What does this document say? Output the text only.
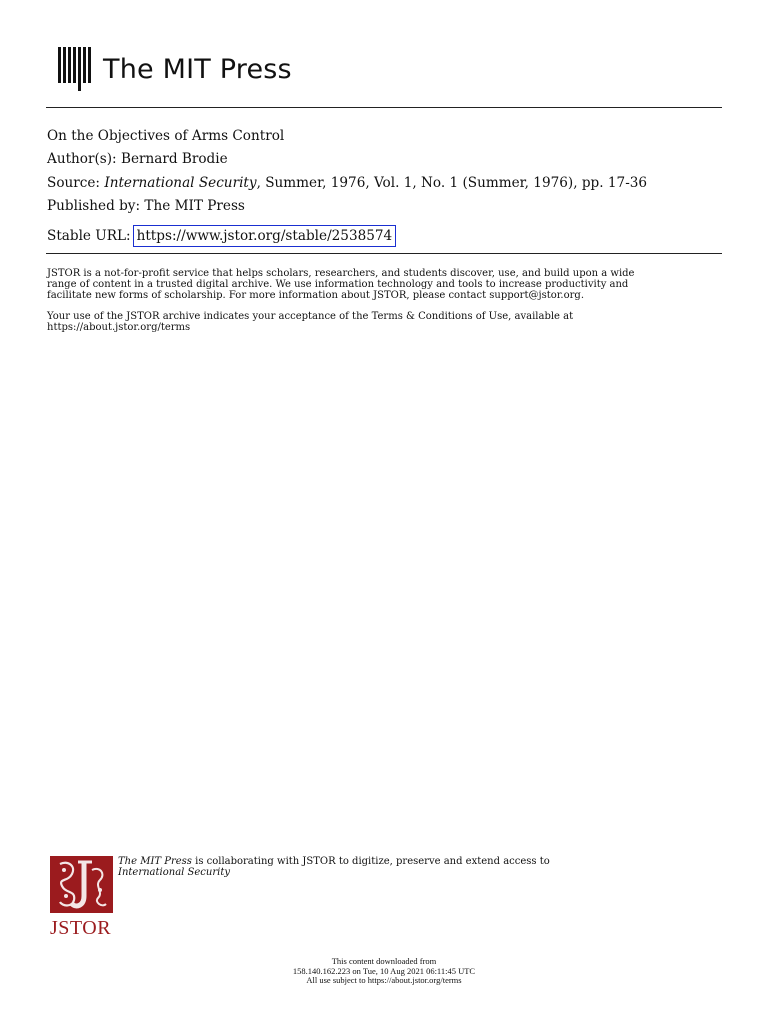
The MIT Press
On the Objectives of Arms Control
Author(s): Bernard Brodie
Source: International Security, Summer, 1976, Vol. 1, No. 1 (Summer, 1976), pp. 17-36
Published by: The MIT Press
Stable URL: https://www.jstor.org/stable/2538574
JSTOR is a not-for-profit service that helps scholars, researchers, and students discover, use, and build upon a wide
range of content in a trusted digital archive. We use information technology and tools to increase productivity and
facilitate new forms of scholarship. For more information about JSTOR, please contact support@jstor.org.
Your use of the JSTOR archive indicates your acceptance of the Terms & Conditions of Use, available at
https://about.jstor.org/terms
JSTOR
The MIT Press is collaborating with JSTOR to digitize, preserve and extend access to
International Security
This content downloaded from
158.140.162.223 on Tue, 10 Aug 2021 06:11:45 UTC
All use subject to https://about.jstor.org/terms
